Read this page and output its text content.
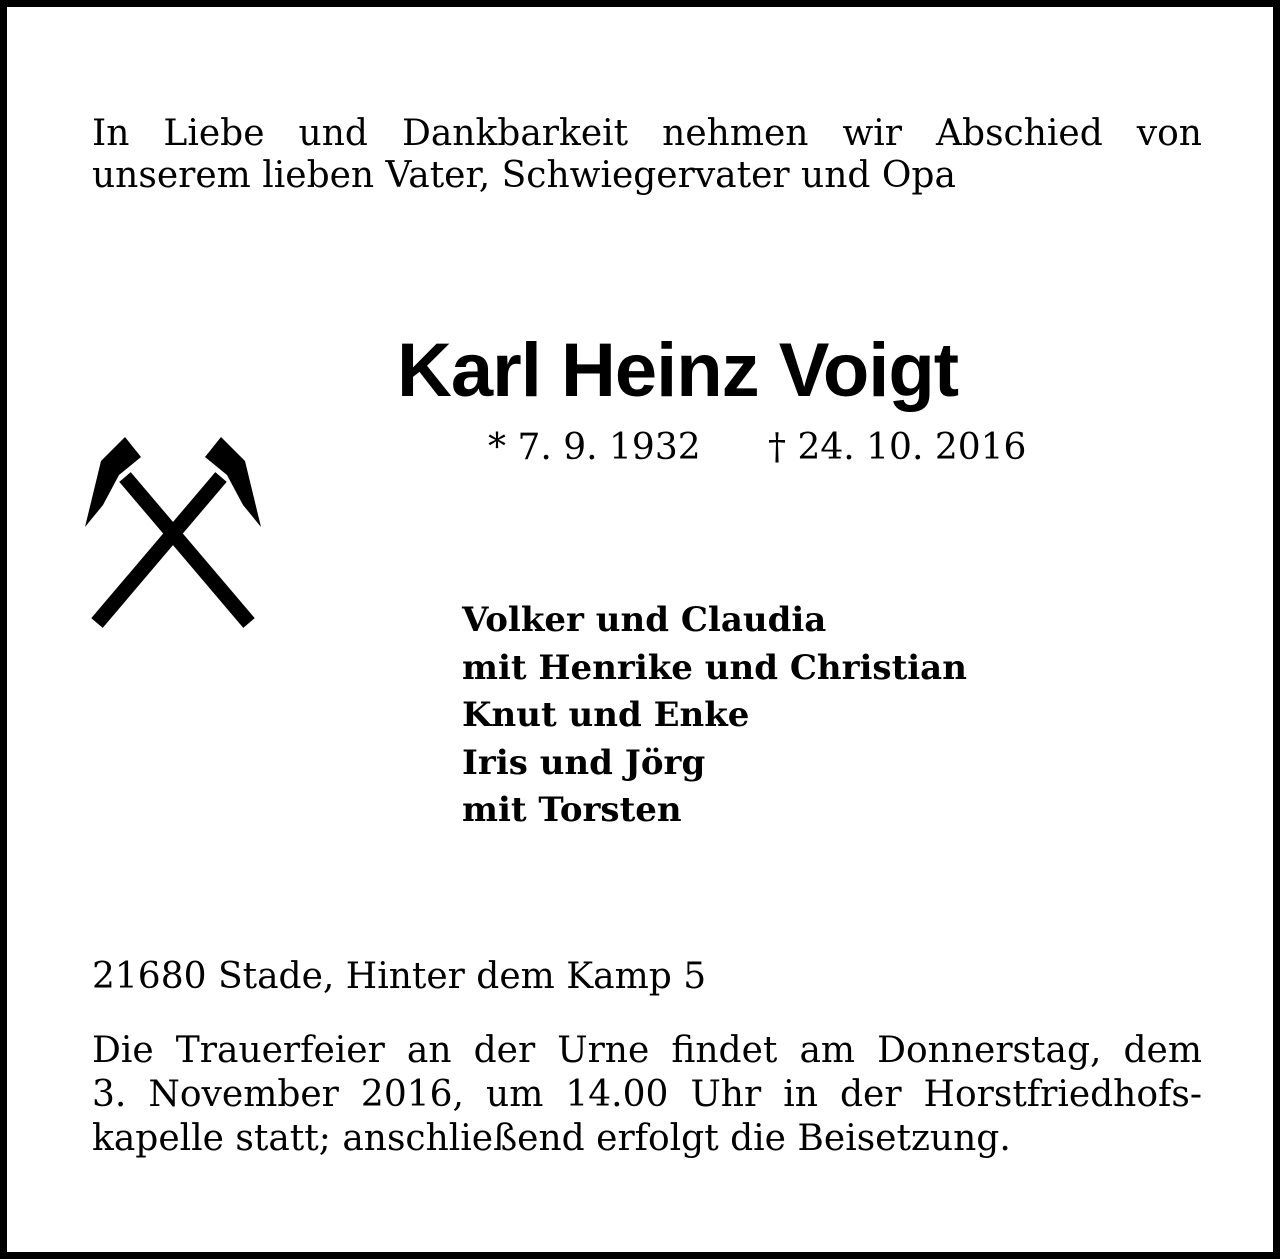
In Liebe und Dankbarkeit nehmen wir Abschied von
unserem lieben Vater, Schwiegervater und Opa
Karl Heinz Voigt
* 7. 9. 1932 † 24. 10. 2016
Volker und Claudia
mit Henrike und Christian
Knut und Enke
Iris und Jörg
mit Torsten
21680 Stade, Hinter dem Kamp 5
Die Trauerfeier an der Urne findet am Donnerstag, dem
3. November 2016, um 14.00 Uhr in der Horstfriedhofs-
kapelle statt; anschließend erfolgt die Beisetzung.
